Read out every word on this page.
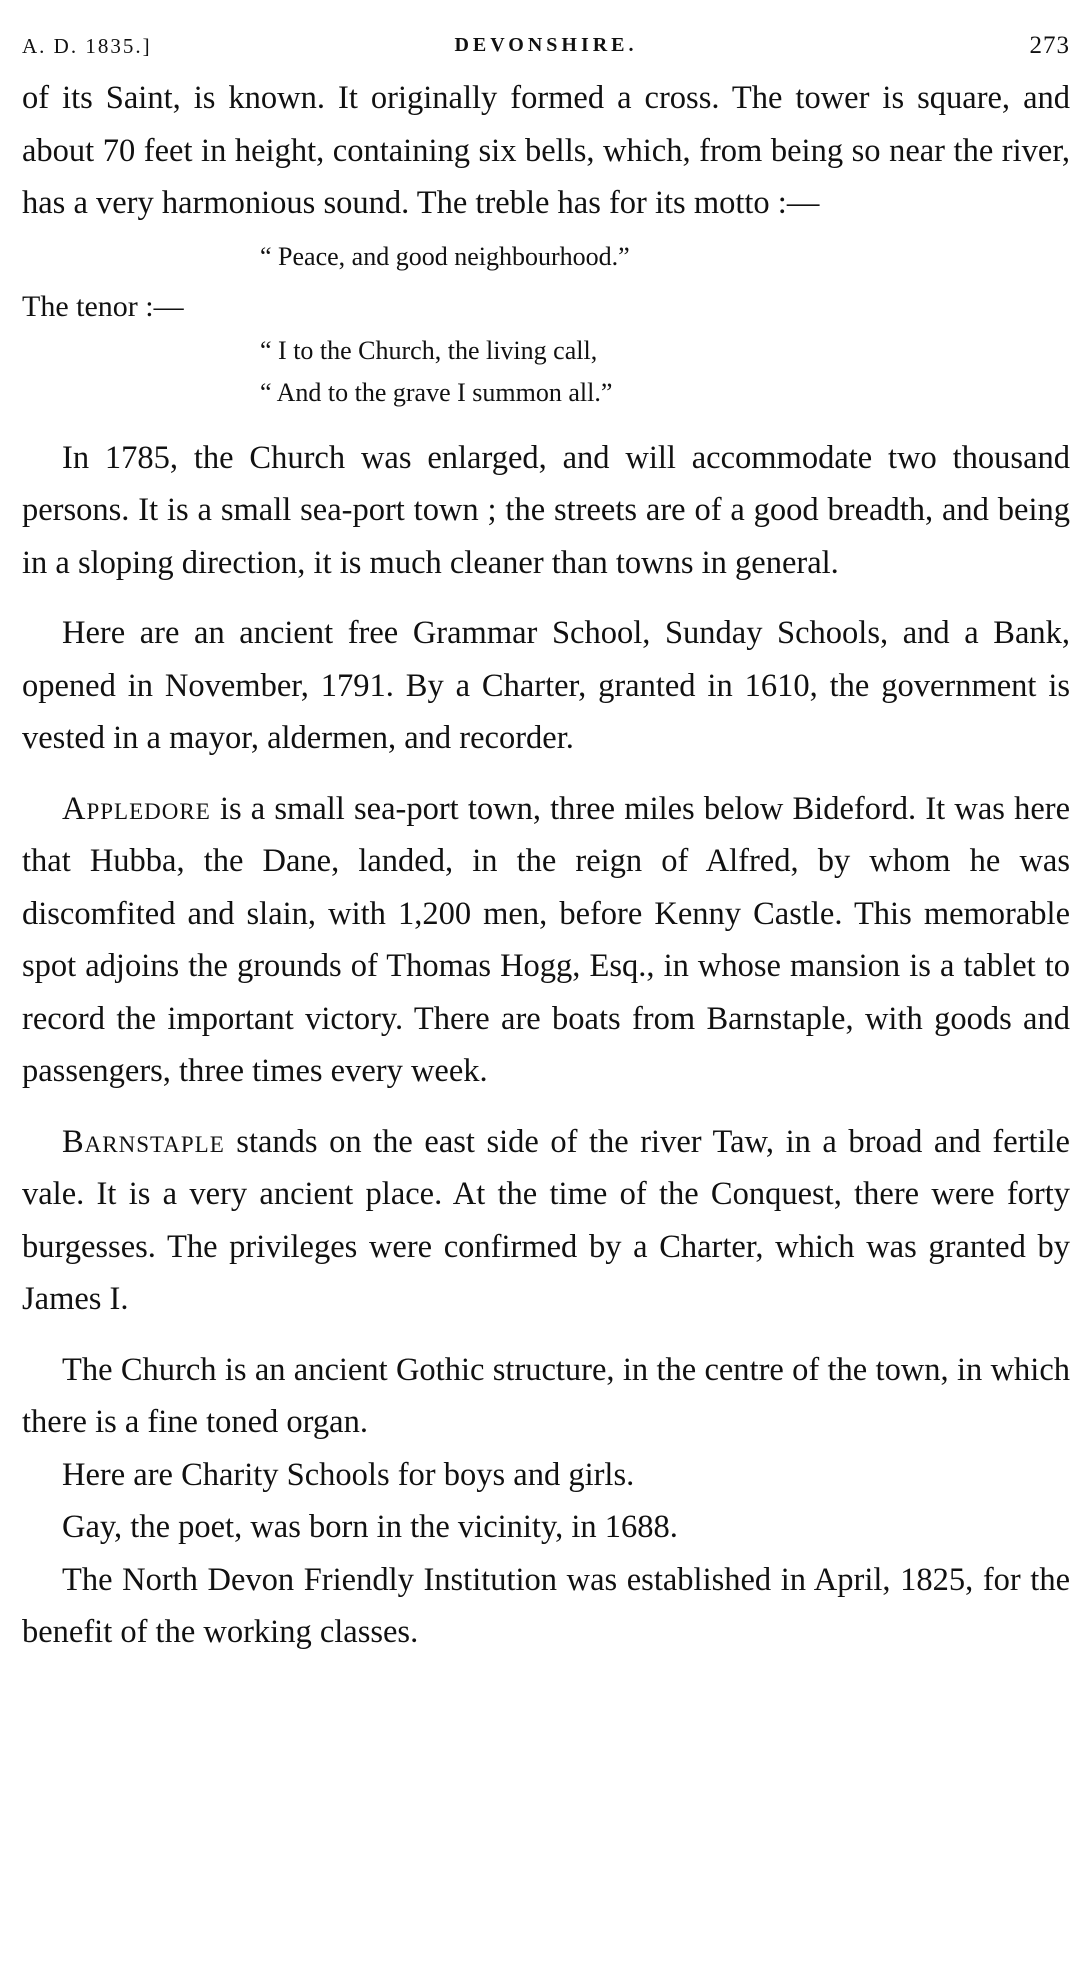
A. D. 1835.]	DEVONSHIRE.	273

of its Saint, is known. It originally formed a cross. The tower is square, and about 70 feet in height, containing six bells, which, from being so near the river, has a very harmonious sound. The treble has for its motto :—

“ Peace, and good neighbourhood.”

The tenor :—

“ I to the Church, the living call,

“ And to the grave I summon all.”

In 1785, the Church was enlarged, and will accommodate two thousand persons. It is a small sea-port town ; the streets are of a good breadth, and being in a sloping direction, it is much cleaner than towns in general.

Here are an ancient free Grammar School, Sunday Schools, and a Bank, opened in November, 1791. By a Charter, granted in 1610, the government is vested in a mayor, aldermen, and recorder.

Appledore is a small sea-port town, three miles below Bideford. It was here that Hubba, the Dane, landed, in the reign of Alfred, by whom he was discomfited and slain, with 1,200 men, before Kenny Castle. This memorable spot adjoins the grounds of Thomas Hogg, Esq., in whose mansion is a tablet to record the important victory. There are boats from Barnstaple, with goods and passengers, three times every week.

Barnstaple stands on the east side of the river Taw, in a broad and fertile vale. It is a very ancient place. At the time of the Conquest, there were forty burgesses. The privileges were confirmed by a Charter, which was granted by James I.

The Church is an ancient Gothic structure, in the centre of the town, in which there is a fine toned organ.

Here are Charity Schools for boys and girls.

Gay, the poet, was born in the vicinity, in 1688.

The North Devon Friendly Institution was established in April, 1825, for the benefit of the working classes.
